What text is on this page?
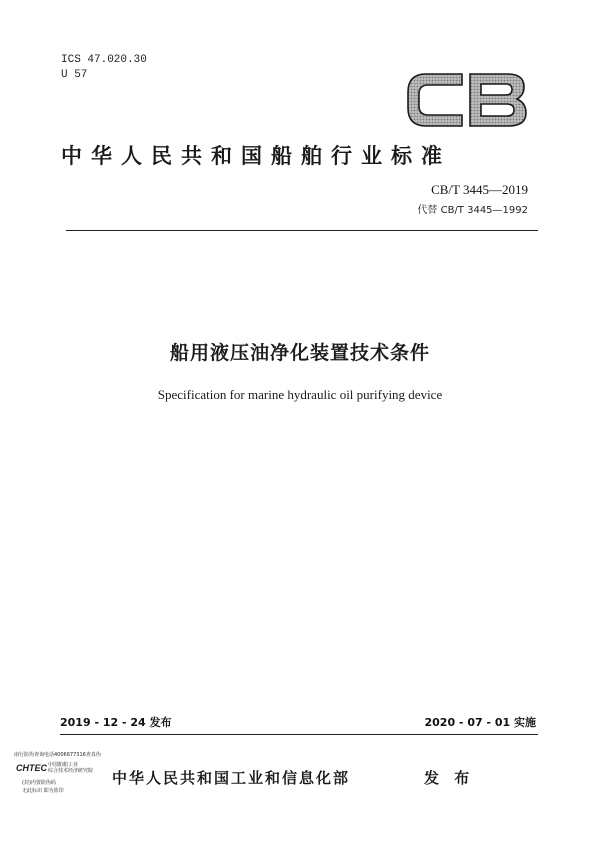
ICS 47.020.30
U 57
中华人民共和国船舶行业标准
CB/T 3445—2019
代替 CB/T 3445—1992
船用液压油净化装置技术条件
Specification for marine hydraulic oil purifying device
2019 - 12 - 24 发布	2020 - 07 - 01 实施
南行防伪查询电话4006677316查真伪
CHTEC 中国船舶工业
综合技术经济研究院
(封)内置防伪码
无此标识 即为盗印
中华人民共和国工业和信息化部	发 布
